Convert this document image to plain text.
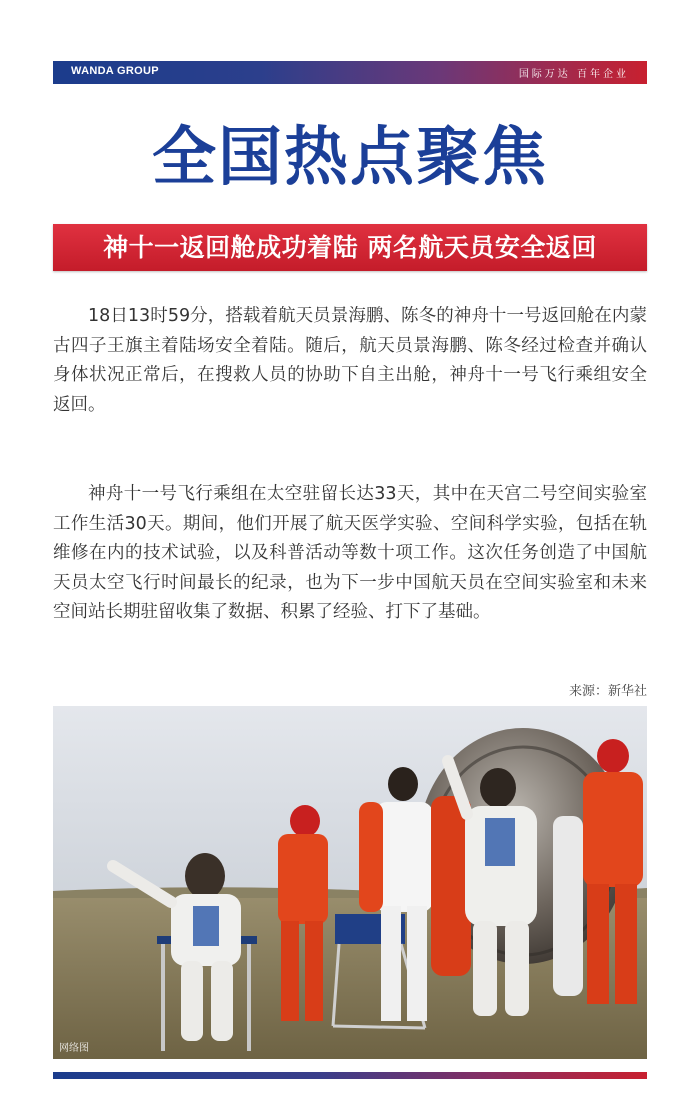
WANDA GROUP	国际万达 百年企业
全国热点聚焦
神十一返回舱成功着陆 两名航天员安全返回

18日13时59分，搭载着航天员景海鹏、陈冬的神舟十一号返回舱在内蒙古四子王旗主着陆场安全着陆。随后，航天员景海鹏、陈冬经过检查并确认身体状况正常后，在搜救人员的协助下自主出舱，神舟十一号飞行乘组安全返回。

神舟十一号飞行乘组在太空驻留长达33天，其中在天宫二号空间实验室工作生活30天。期间，他们开展了航天医学实验、空间科学实验，包括在轨维修在内的技术试验，以及科普活动等数十项工作。这次任务创造了中国航天员太空飞行时间最长的纪录，也为下一步中国航天员在空间实验室和未来空间站长期驻留收集了数据、积累了经验、打下了基础。

来源：新华社
网络图
